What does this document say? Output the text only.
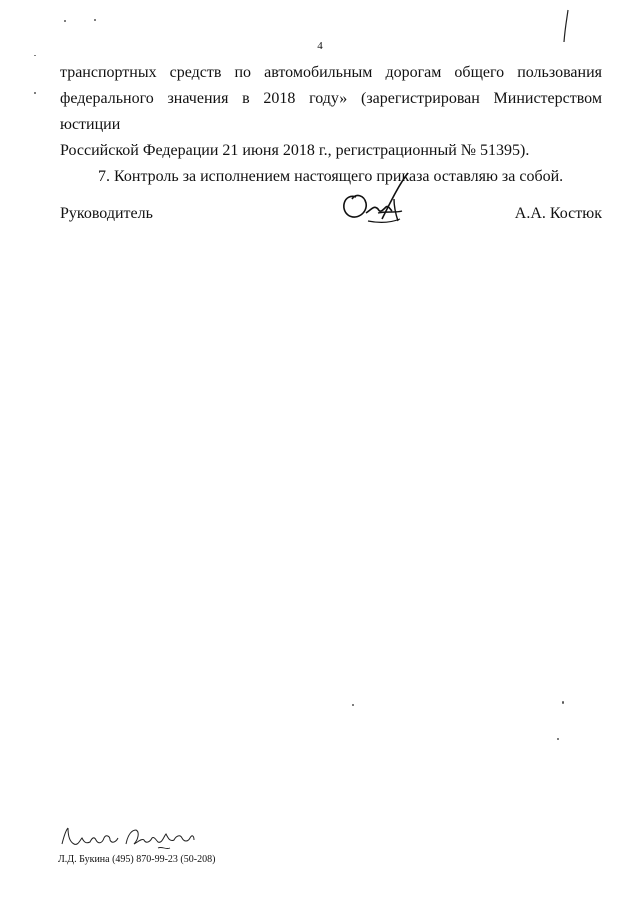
4

транспортных средств по автомобильным дорогам общего пользования
федерального значения в 2018 году» (зарегистрирован Министерством юстиции
Российской Федерации 21 июня 2018 г., регистрационный № 51395).

7. Контроль за исполнением настоящего приказа оставляю за собой.

Руководитель	А.А. Костюк
Л.Д. Букина (495) 870-99-23 (50-208)
